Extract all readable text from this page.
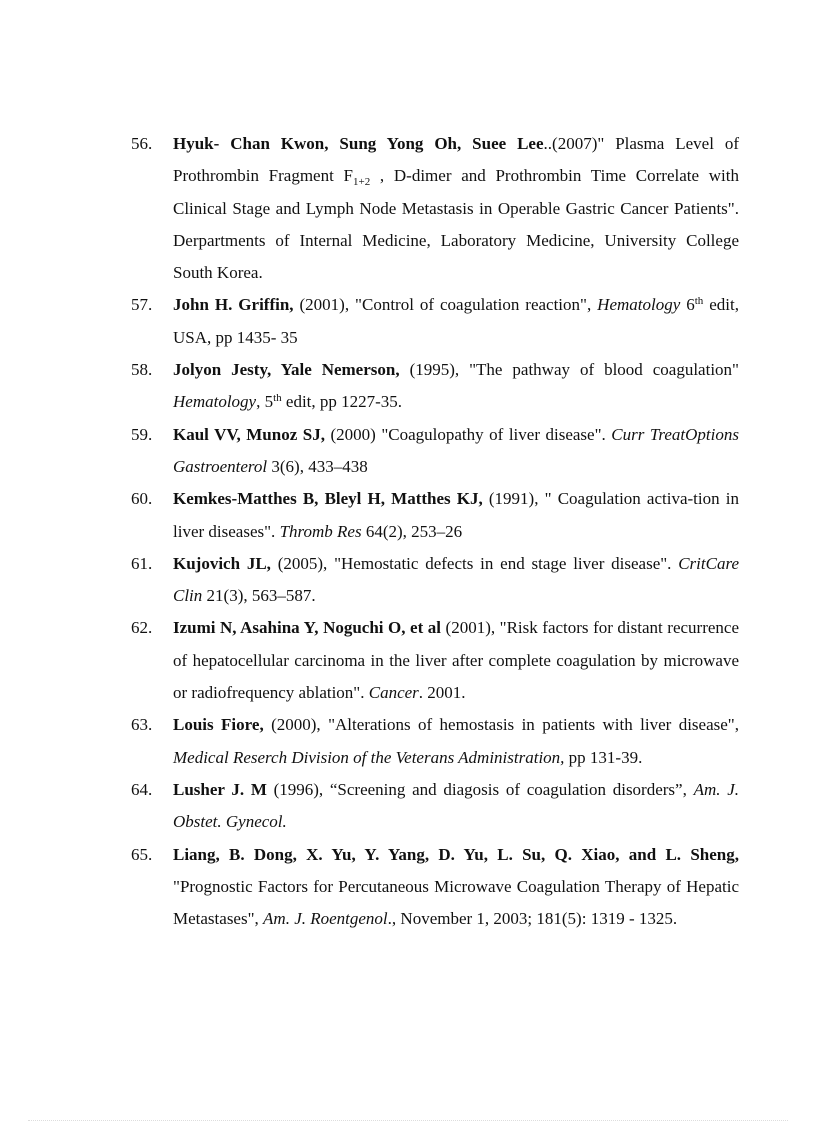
56.	Hyuk- Chan Kwon, Sung Yong Oh, Suee Lee..(2007)" Plasma Level of Prothrombin Fragment $F_{1+2}$ , D-dimer and Prothrombin Time Correlate with Clinical Stage and Lymph Node Metastasis in Operable Gastric Cancer Patients". Derpartments of Internal Medicine, Laboratory Medicine, University College South Korea.
57.	John H. Griffin, (2001), "Control of coagulation reaction", Hematology 6th edit, USA, pp 1435- 35
58.	Jolyon Jesty, Yale Nemerson, (1995), "The pathway of blood coagulation" Hematology, 5th edit, pp 1227-35.
59.	Kaul VV, Munoz SJ, (2000) "Coagulopathy of liver disease". Curr TreatOptions Gastroenterol 3(6), 433–438
60.	Kemkes-Matthes B, Bleyl H, Matthes KJ, (1991), " Coagulation activa-tion in liver diseases". Thromb Res 64(2), 253–26
61.	Kujovich JL, (2005), "Hemostatic defects in end stage liver disease". CritCare Clin 21(3), 563–587.
62.	Izumi N, Asahina Y, Noguchi O, et al (2001), "Risk factors for distant recurrence of hepatocellular carcinoma in the liver after complete coagulation by microwave or radiofrequency ablation". Cancer. 2001.
63.	Louis Fiore, (2000), "Alterations of hemostasis in patients with liver disease", Medical Reserch Division of the Veterans Administration, pp 131-39.
64.	Lusher J. M (1996), “Screening and diagosis of coagulation disorders”, Am. J. Obstet. Gynecol.
65.	Liang, B. Dong, X. Yu, Y. Yang, D. Yu, L. Su, Q. Xiao, and L. Sheng, "Prognostic Factors for Percutaneous Microwave Coagulation Therapy of Hepatic Metastases", Am. J. Roentgenol., November 1, 2003; 181(5): 1319 - 1325.
